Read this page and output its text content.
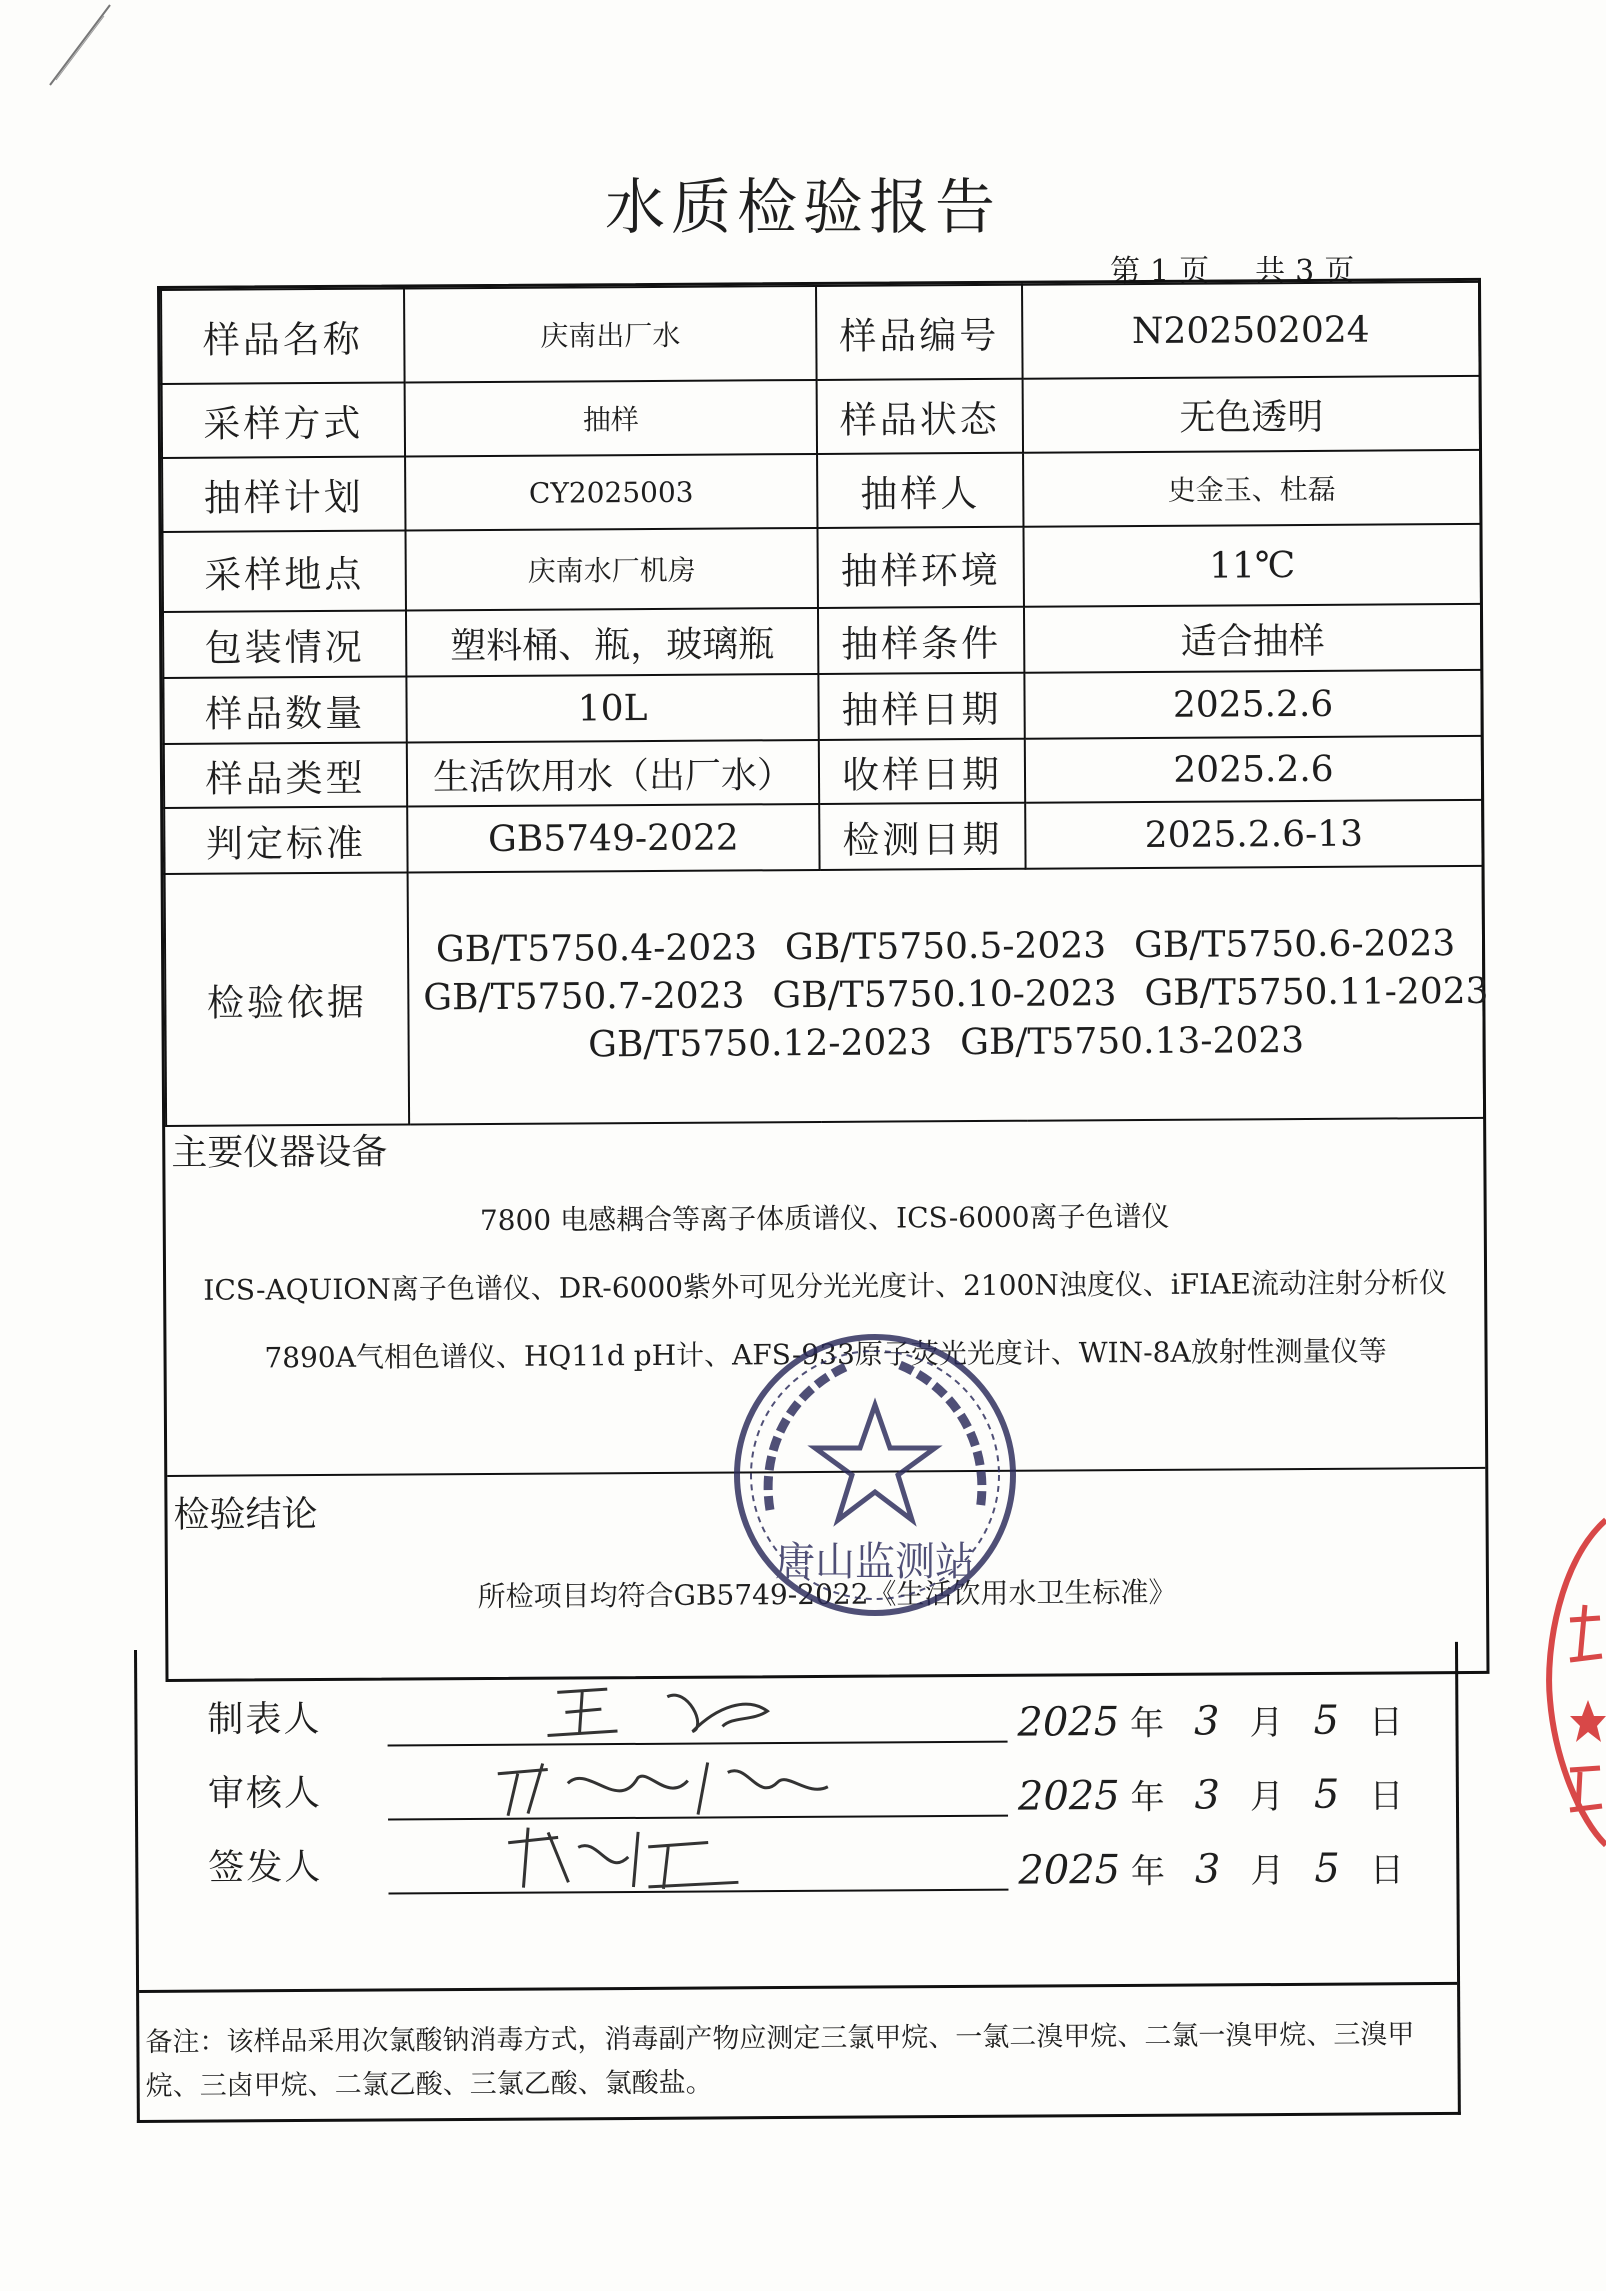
水质检验报告
第 1 页 共 3 页
样品名称	庆南出厂水	样品编号	N202502024
采样方式	抽样	样品状态	无色透明
抽样计划	CY2025003	抽样人	史金玉、杜磊
采样地点	庆南水厂机房	抽样环境	11℃
包装情况	塑料桶、瓶，玻璃瓶	抽样条件	适合抽样
样品数量	10L	抽样日期	2025.2.6
样品类型	生活饮用水（出厂水）	收样日期	2025.2.6
判定标准	GB5749-2022	检测日期	2025.2.6-13
检验依据	GB/T5750.4-2023 GB/T5750.5-2023 GB/T5750.6-2023
GB/T5750.7-2023 GB/T5750.10-2023 GB/T5750.11-2023
GB/T5750.12-2023 GB/T5750.13-2023		
主要仪器设备
7800 电感耦合等离子体质谱仪、ICS-6000离子色谱仪
ICS-AQUION离子色谱仪、DR-6000紫外可见分光光度计、2100N浊度仪、iFIAE流动注射分析仪
7890A气相色谱仪、HQ11d pH计、AFS-933原子荧光光度计、WIN-8A放射性测量仪等
检验结论
所检项目均符合GB5749-2022《生活饮用水卫生标准》
制表人	2025 年 3 月 5 日
审核人	2025 年 3 月 5 日
签发人	2025 年 3 月 5 日
备注：该样品采用次氯酸钠消毒方式，消毒副产物应测定三氯甲烷、一氯二溴甲烷、二氯一溴甲烷、三溴甲烷、三卤甲烷、二氯乙酸、三氯乙酸、氯酸盐。
唐山监测站
